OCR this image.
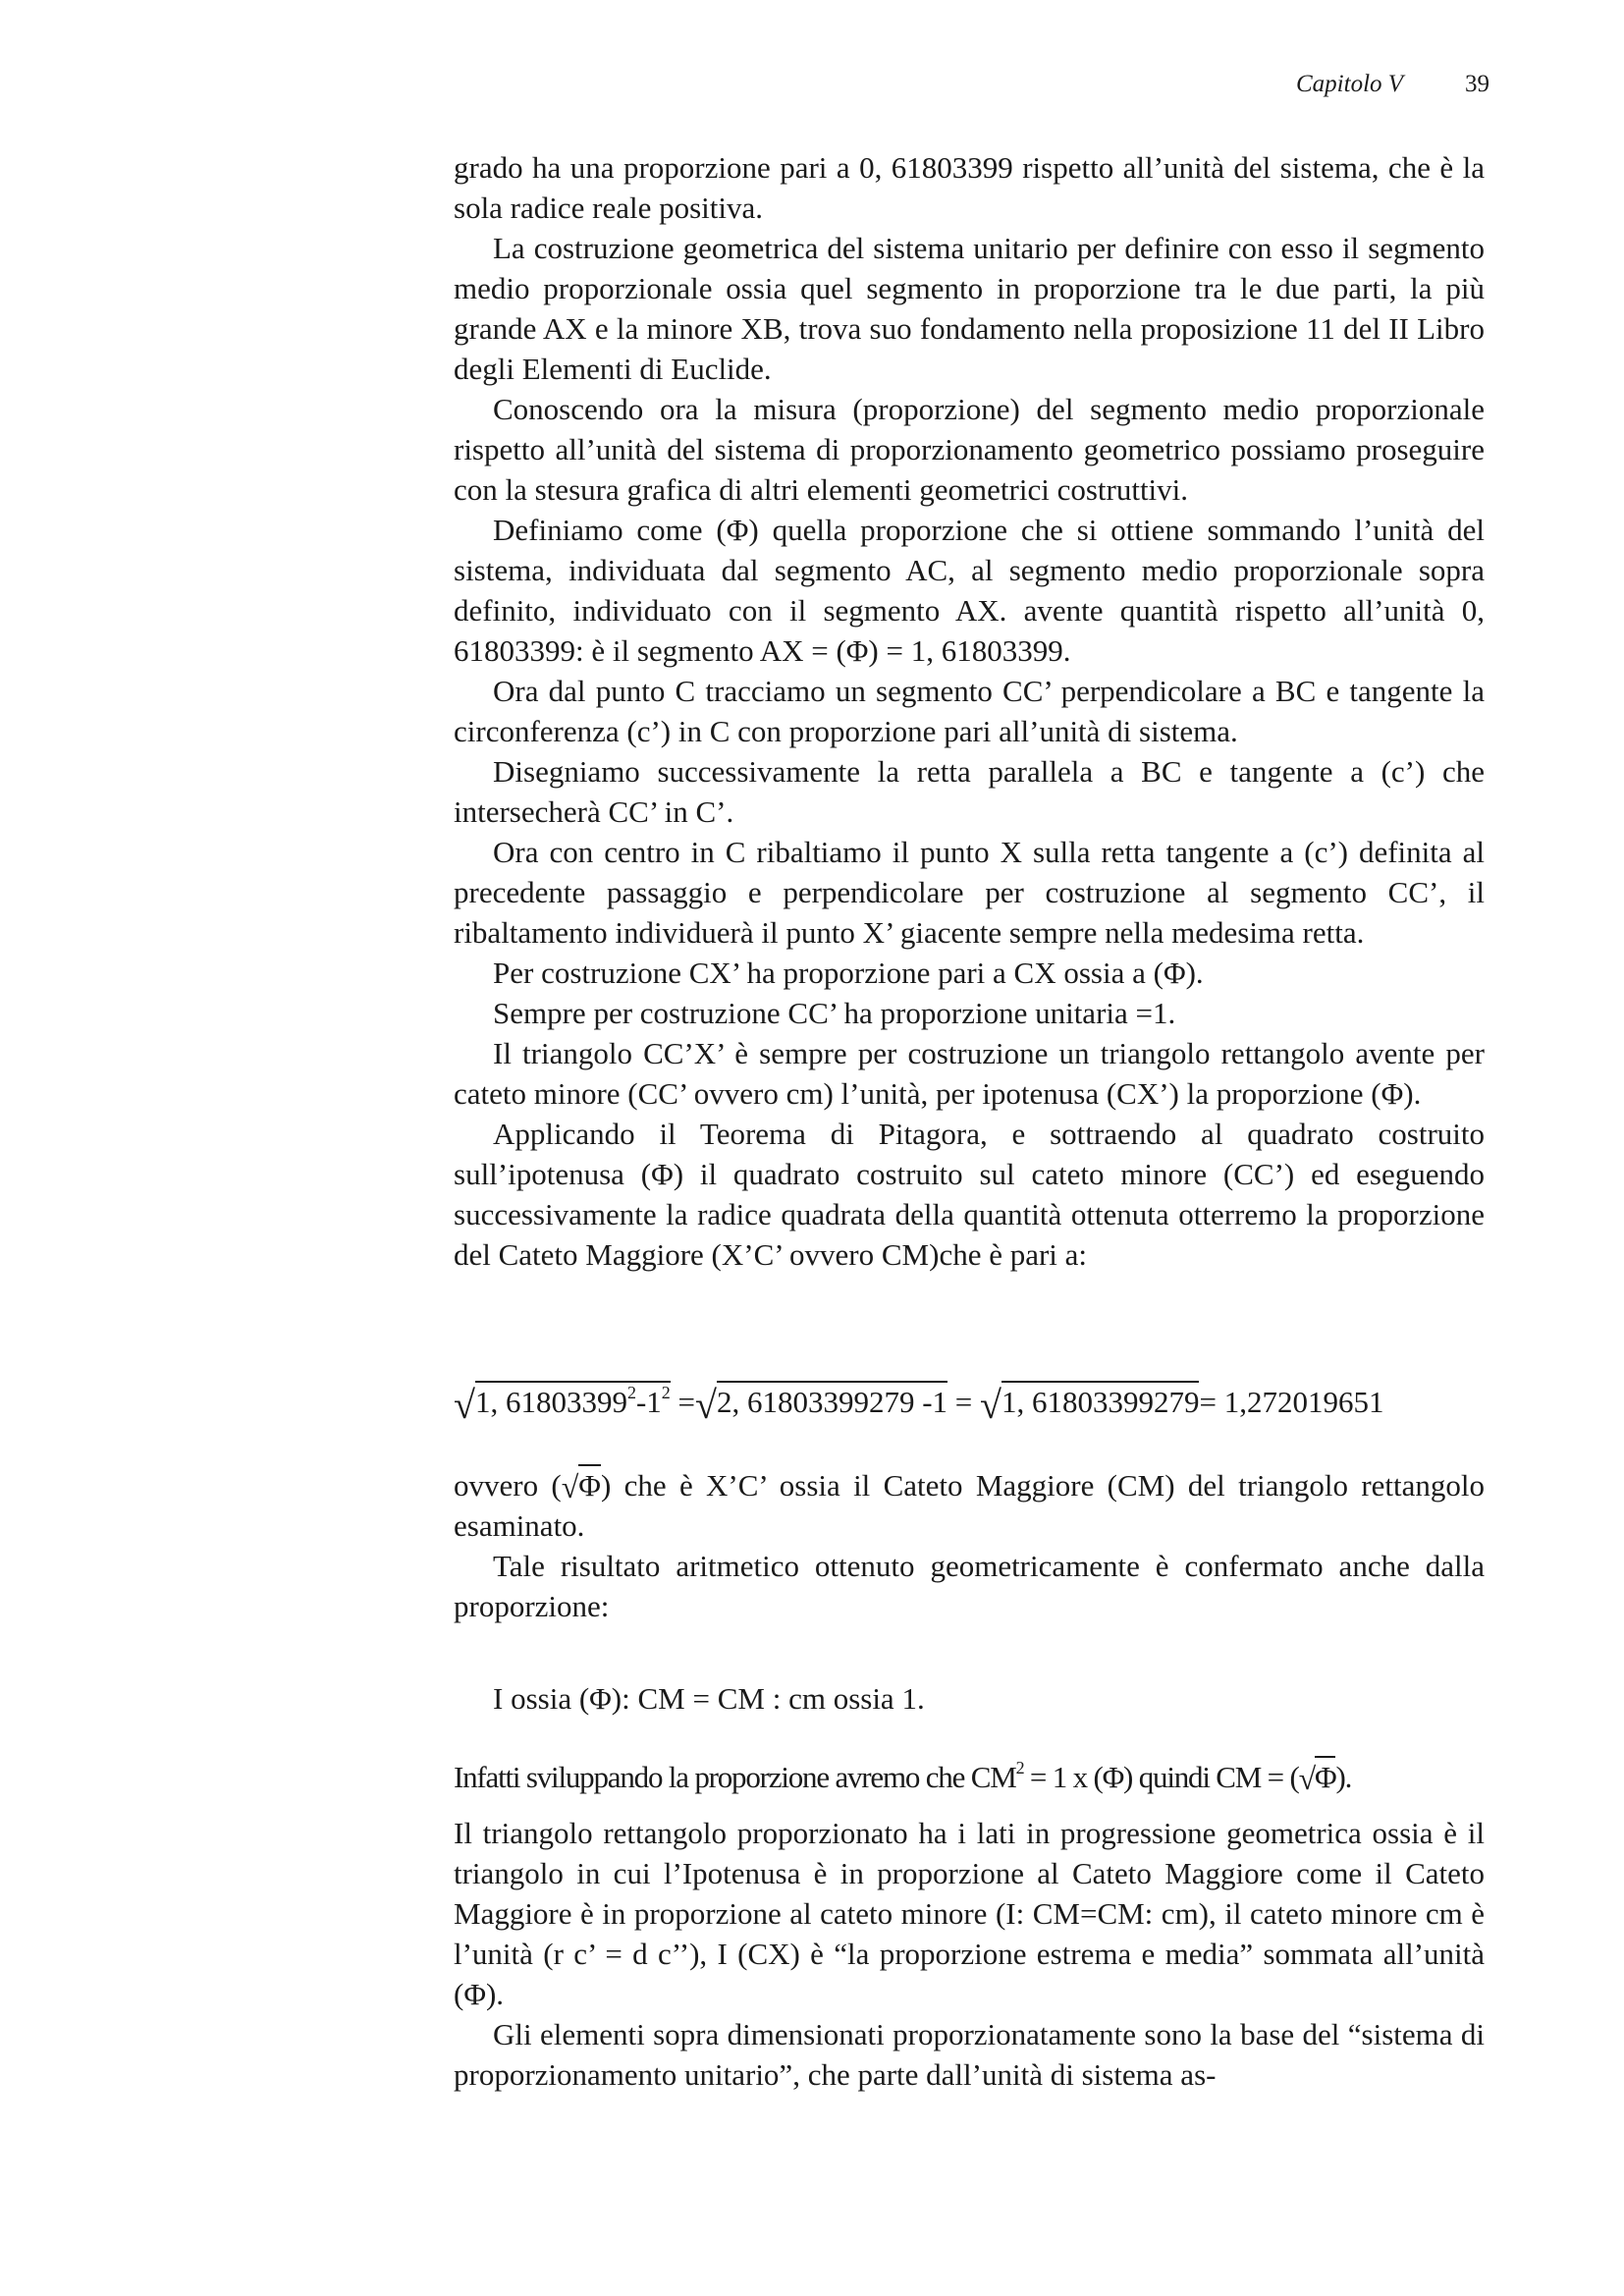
Capitolo V	39

grado ha una proporzione pari a 0, 61803399 rispetto all’unità del sistema, che è la sola radice reale positiva.

La costruzione geometrica del sistema unitario per definire con esso il segmento medio proporzionale ossia quel segmento in proporzione tra le due parti, la più grande AX e la minore XB, trova suo fondamento nella proposizione 11 del II Libro degli Elementi di Euclide.

Conoscendo ora la misura (proporzione) del segmento medio proporzionale rispetto all’unità del sistema di proporzionamento geometrico possiamo proseguire con la stesura grafica di altri elementi geometrici costruttivi.

Definiamo come (Φ) quella proporzione che si ottiene sommando l’unità del sistema, individuata dal segmento AC, al segmento medio proporzionale sopra definito, individuato con il segmento AX. avente quantità rispetto all’unità 0, 61803399: è il segmento AX = (Φ) = 1, 61803399.

Ora dal punto C tracciamo un segmento CC’ perpendicolare a BC e tangente la circonferenza (c’) in C con proporzione pari all’unità di sistema.

Disegniamo successivamente la retta parallela a BC e tangente a (c’) che intersecherà CC’ in C’.

Ora con centro in C ribaltiamo il punto X sulla retta tangente a (c’) definita al precedente passaggio e perpendicolare per costruzione al segmento CC’, il ribaltamento individuerà il punto X’ giacente sempre nella medesima retta.

Per costruzione CX’ ha proporzione pari a CX ossia a (Φ).

Sempre per costruzione CC’ ha proporzione unitaria =1.

Il triangolo CC’X’ è sempre per costruzione un triangolo rettangolo avente per cateto minore (CC’ ovvero cm) l’unità, per ipotenusa (CX’) la proporzione (Φ).

Applicando il Teorema di Pitagora, e sottraendo al quadrato costruito sull’ipotenusa (Φ) il quadrato costruito sul cateto minore (CC’) ed eseguendo successivamente la radice quadrata della quantità ottenuta otterremo la proporzione del Cateto Maggiore (X’C’ ovvero CM)che è pari a:

√1, $61803399^2-1^2 =√2$, 61803399279 -1 = √1, 61803399279= 1,272019651

ovvero (√Φ) che è X’C’ ossia il Cateto Maggiore (CM) del triangolo rettangolo esaminato.

Tale risultato aritmetico ottenuto geometricamente è confermato anche dalla proporzione:

I ossia (Φ): CM = CM : cm ossia 1.
Infatti sviluppando la proporzione avremo che $CM^2 = 1$ x (Φ) quindi CM = (√Φ).

Il triangolo rettangolo proporzionato ha i lati in progressione geometrica ossia è il triangolo in cui l’Ipotenusa è in proporzione al Cateto Maggiore come il Cateto Maggiore è in proporzione al cateto minore (I: CM=CM: cm), il cateto minore cm è l’unità (r c’ = d c’’), I (CX) è “la proporzione estrema e media” sommata all’unità (Φ).

Gli elementi sopra dimensionati proporzionatamente sono la base del “sistema di proporzionamento unitario”, che parte dall’unità di sistema as-
